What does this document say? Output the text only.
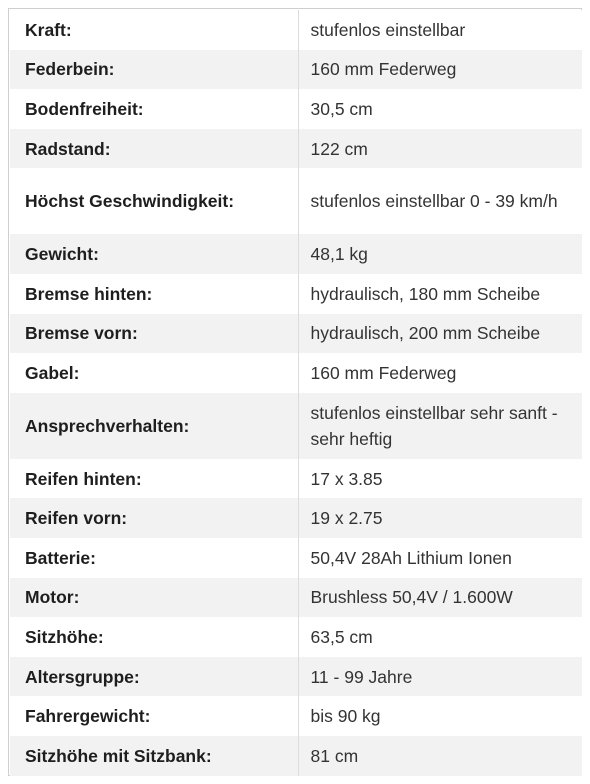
Kraft:	stufenlos einstellbar
Federbein:	160 mm Federweg
Bodenfreiheit:	30,5 cm
Radstand:	122 cm
Höchst Geschwindigkeit:	stufenlos einstellbar 0 - 39 km/h
Gewicht:	48,1 kg
Bremse hinten:	hydraulisch, 180 mm Scheibe
Bremse vorn:	hydraulisch, 200 mm Scheibe
Gabel:	160 mm Federweg
Ansprechverhalten:	stufenlos einstellbar sehr sanft - sehr heftig
Reifen hinten:	17 x 3.85
Reifen vorn:	19 x 2.75
Batterie:	50,4V 28Ah Lithium Ionen
Motor:	Brushless 50,4V / 1.600W
Sitzhöhe:	63,5 cm
Altersgruppe:	11 - 99 Jahre
Fahrergewicht:	bis 90 kg
Sitzhöhe mit Sitzbank:	81 cm
